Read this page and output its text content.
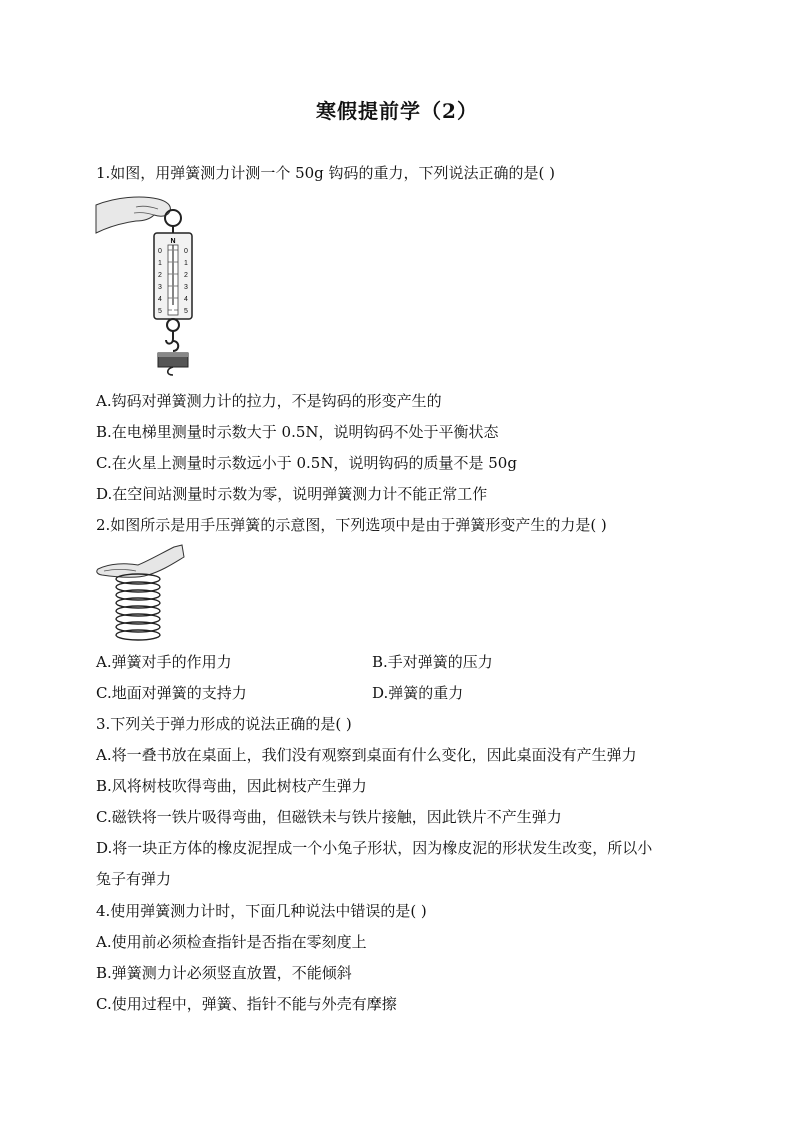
寒假提前学（2）
1.如图，用弹簧测力计测一个 50g 钩码的重力，下列说法正确的是( )
N
0
1
2
3
4
5
0
1
2
3
4
5
A.钩码对弹簧测力计的拉力，不是钩码的形变产生的
B.在电梯里测量时示数大于 0.5N，说明钩码不处于平衡状态
C.在火星上测量时示数远小于 0.5N，说明钩码的质量不是 50g
D.在空间站测量时示数为零，说明弹簧测力计不能正常工作
2.如图所示是用手压弹簧的示意图，下列选项中是由于弹簧形变产生的力是( )
A.弹簧对手的作用力	B.手对弹簧的压力
C.地面对弹簧的支持力	D.弹簧的重力
3.下列关于弹力形成的说法正确的是( )
A.将一叠书放在桌面上，我们没有观察到桌面有什么变化，因此桌面没有产生弹力
B.风将树枝吹得弯曲，因此树枝产生弹力
C.磁铁将一铁片吸得弯曲，但磁铁未与铁片接触，因此铁片不产生弹力
D.将一块正方体的橡皮泥捏成一个小兔子形状，因为橡皮泥的形状发生改变，所以小
兔子有弹力
4.使用弹簧测力计时，下面几种说法中错误的是( )
A.使用前必须检查指针是否指在零刻度上
B.弹簧测力计必须竖直放置，不能倾斜
C.使用过程中，弹簧、指针不能与外壳有摩擦
